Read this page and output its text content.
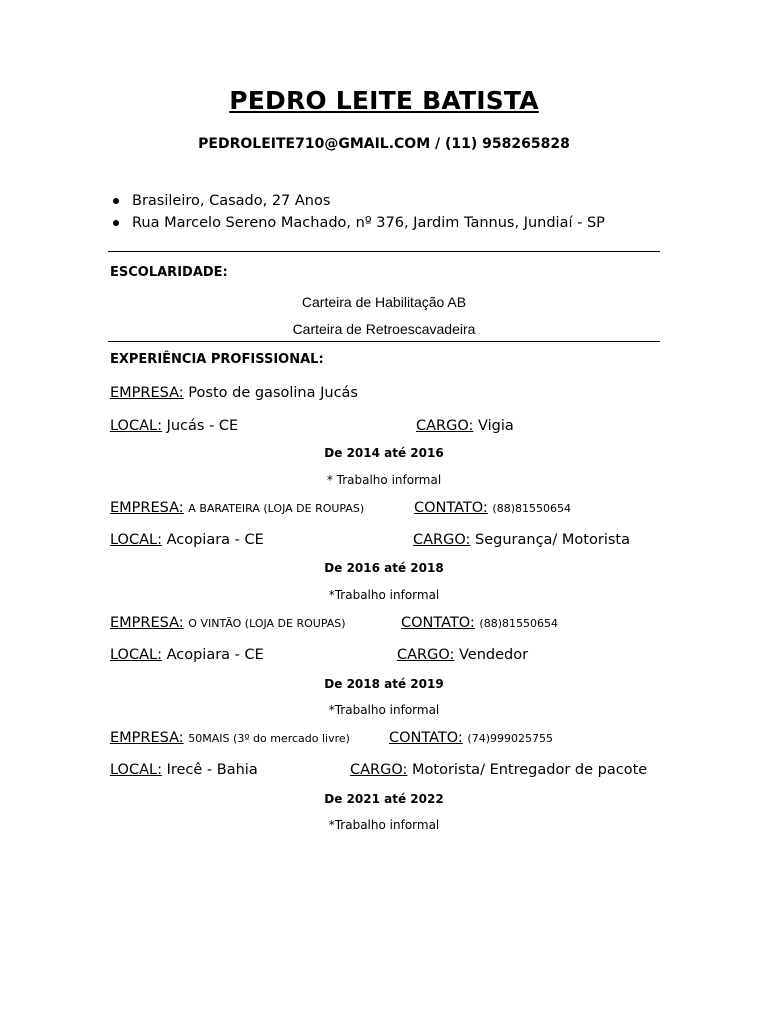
PEDRO LEITE BATISTA
PEDROLEITE710@GMAIL.COM / (11) 958265828
Brasileiro, Casado, 27 Anos
Rua Marcelo Sereno Machado, nº 376, Jardim Tannus, Jundiaí - SP
ESCOLARIDADE:
Carteira de Habilitação AB
Carteira de Retroescavadeira
EXPERIÊNCIA PROFISSIONAL:
EMPRESA: Posto de gasolina Jucás
LOCAL: Jucás - CE	CARGO: Vigia
De 2014 até 2016
* Trabalho informal
EMPRESA: A BARATEIRA (LOJA DE ROUPAS)	CONTATO: (88)81550654
LOCAL: Acopiara - CE	CARGO: Segurança/ Motorista
De 2016 até 2018
*Trabalho informal
EMPRESA: O VINTÃO (LOJA DE ROUPAS)	CONTATO: (88)81550654
LOCAL: Acopiara - CE	CARGO: Vendedor
De 2018 até 2019
*Trabalho informal
EMPRESA: 50MAIS (3º do mercado livre)	CONTATO: (74)999025755
LOCAL: Irecê - Bahia	CARGO: Motorista/ Entregador de pacote
De 2021 até 2022
*Trabalho informal
